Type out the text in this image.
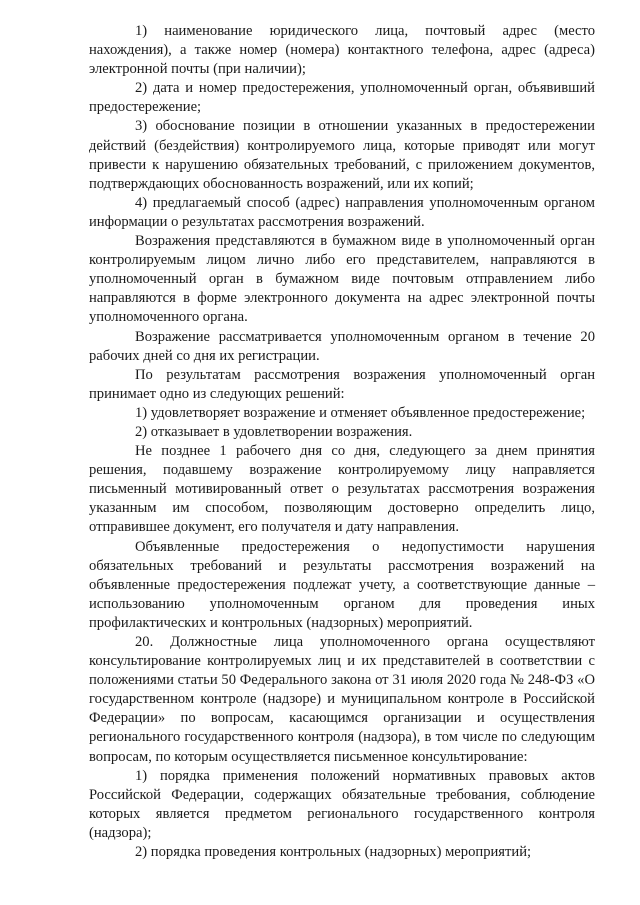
1) наименование юридического лица, почтовый адрес (место нахождения), а также номер (номера) контактного телефона, адрес (адреса) электронной почты (при наличии);

2) дата и номер предостережения, уполномоченный орган, объявивший предостережение;

3) обоснование позиции в отношении указанных в предостережении действий (бездействия) контролируемого лица, которые приводят или могут привести к нарушению обязательных требований, с приложением документов, подтверждающих обоснованность возражений, или их копий;

4) предлагаемый способ (адрес) направления уполномоченным органом информации о результатах рассмотрения возражений.

Возражения представляются в бумажном виде в уполномоченный орган контролируемым лицом лично либо его представителем, направляются в уполномоченный орган в бумажном виде почтовым отправлением либо направляются в форме электронного документа на адрес электронной почты уполномоченного органа.

Возражение рассматривается уполномоченным органом в течение 20 рабочих дней со дня их регистрации.

По результатам рассмотрения возражения уполномоченный орган принимает одно из следующих решений:

1) удовлетворяет возражение и отменяет объявленное предостережение;

2) отказывает в удовлетворении возражения.

Не позднее 1 рабочего дня со дня, следующего за днем принятия решения, подавшему возражение контролируемому лицу направляется письменный мотивированный ответ о результатах рассмотрения возражения указанным им способом, позволяющим достоверно определить лицо, отправившее документ, его получателя и дату направления.

Объявленные предостережения о недопустимости нарушения обязательных требований и результаты рассмотрения возражений на объявленные предостережения подлежат учету, а соответствующие данные – использованию уполномоченным органом для проведения иных профилактических и контрольных (надзорных) мероприятий.

20. Должностные лица уполномоченного органа осуществляют консультирование контролируемых лиц и их представителей в соответствии с положениями статьи 50 Федерального закона от 31 июля 2020 года № 248-ФЗ «О государственном контроле (надзоре) и муниципальном контроле в Российской Федерации» по вопросам, касающимся организации и осуществления регионального государственного контроля (надзора), в том числе по следующим вопросам, по которым осуществляется письменное консультирование:

1) порядка применения положений нормативных правовых актов Российской Федерации, содержащих обязательные требования, соблюдение которых является предметом регионального государственного контроля (надзора);

2) порядка проведения контрольных (надзорных) мероприятий;
